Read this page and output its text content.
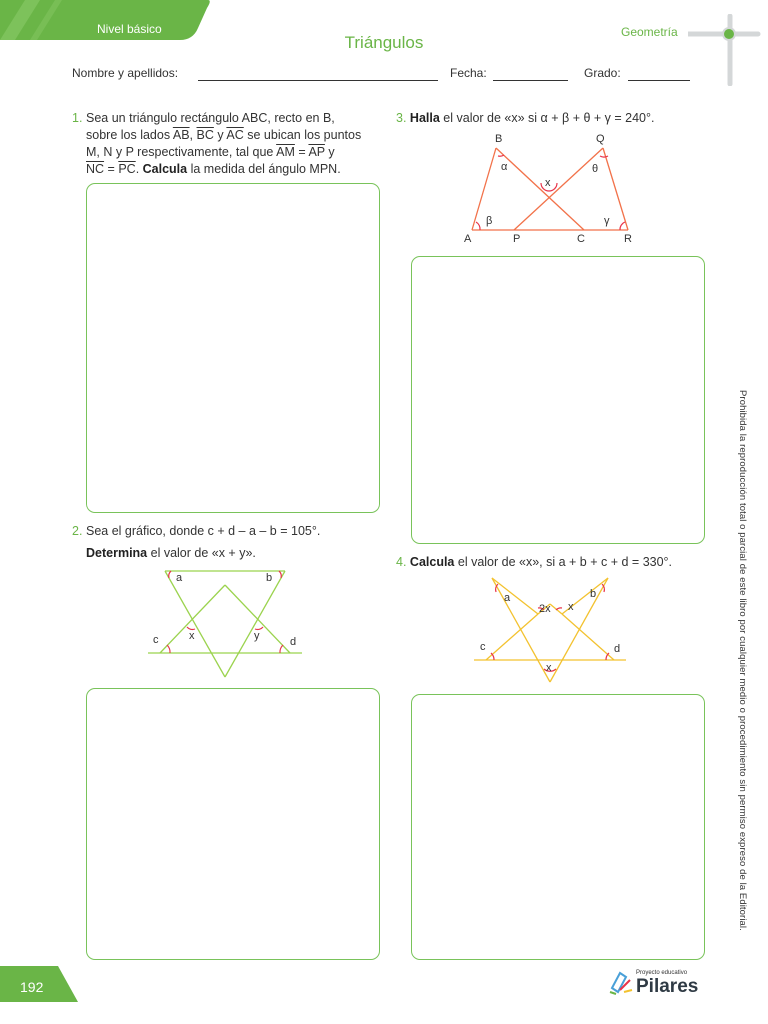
Nivel básico
Triángulos
Geometría
Nombre y apellidos:	Fecha:	Grado:
1. Sea un triángulo rectángulo ABC, recto en B,
sobre los lados $\overline{AB}$, $\overline{BC}$ y $\overline{AC}$ se ubican los puntos
M, N y P respectivamente, tal que $\overline{AM} = \overline{AP}$ y
$\overline{NC} = \overline{PC}$. Calcula la medida del ángulo MPN.
2. Sea el gráfico, donde c + d – a – b = 105°.
Determina el valor de «x + y».
a	b
c	d
x	y
3. Halla el valor de «x» si α + β + θ + γ = 240°.
B	Q
A	P	C	R
α	θ
β	γ
x
4. Calcula el valor de «x», si a + b + c + d = 330°.
a	b
c	d
2x x
x	Prohibida la reproducción total o parcial de este libro por cualquier medio o procedimiento sin permiso expreso de la Editorial.
192
Proyecto educativo
Pilares
